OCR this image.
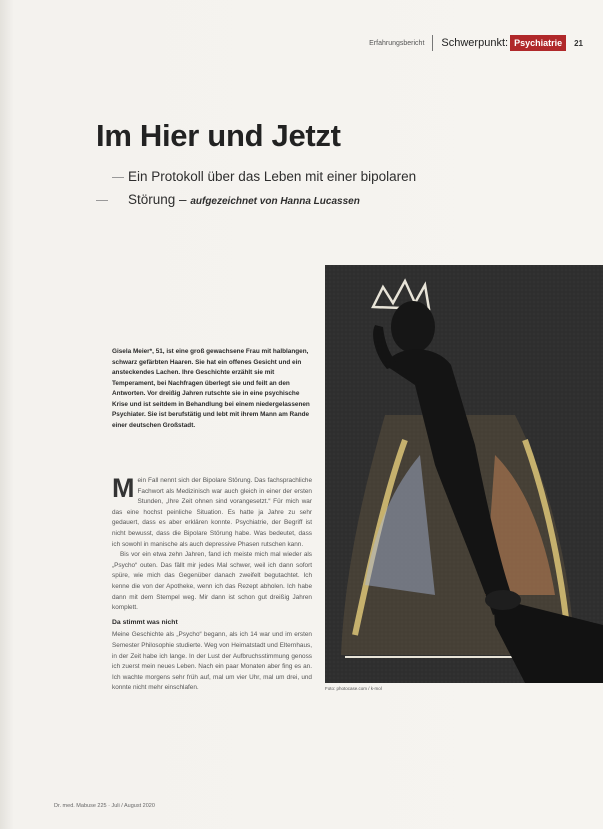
Erfahrungsbericht Schwerpunkt: Psychiatrie	21
Im Hier und Jetzt
Ein Protokoll über das Leben mit einer bipolaren
Störung – aufgezeichnet von Hanna Lucassen
Gisela Meier*, 51, ist eine groß gewachsene Frau mit halblangen, schwarz gefärbten Haaren. Sie hat ein offenes Gesicht und ein ansteckendes Lachen. Ihre Geschichte erzählt sie mit Temperament, bei Nachfragen überlegt sie und feilt an den Antworten. Vor dreißig Jahren rutschte sie in eine psychische Krise und ist seitdem in Behandlung bei einem niedergelassenen Psychiater. Sie ist berufstätig und lebt mit ihrem Mann am Rande einer deutschen Großstadt.

M ein Fall nennt sich der Bipolare Störung. Das fachsprachliche Fachwort als Medizinisch war auch gleich in einer der ersten Stunden, „Ihre Zeit ohnen sind vorangesetzt.“ Für mich war das eine hochst peinliche Situation. Es hatte ja Jahre zu sehr gedauert, dass es aber erklären konnte. Psychiatrie, der Begriff ist nicht bewusst, dass die Bipolare Störung habe. Was bedeutet, dass ich sowohl in manische als auch depressive Phasen rutschen kann.

Bis vor ein etwa zehn Jahren, fand ich meiste mich mal wieder als „Psycho“ outen. Das fällt mir jedes Mal schwer, weil ich dann sofort spüre, wie mich das Gegenüber danach zweifelt begutachtet. Ich kenne die von der Apotheke, wenn ich das Rezept abholen. Ich habe dann mit dem Stempel weg. Mir dann ist schon gut dreißig Jahren komplett.

Da stimmt was nicht

Meine Geschichte als „Psycho“ begann, als ich 14 war und im ersten Semester Philosophie studierte. Weg von Heimatstadt und Elternhaus, in der Zeit habe ich lange. In der Lust der Aufbruchsstimmung genoss ich zuerst mein neues Leben. Nach ein paar Monaten aber fing es an. Ich wachte morgens sehr früh auf, mal um vier Uhr, mal um drei, und konnte nicht mehr einschlafen.	Foto: photocase.com / k-mol
Dr. med. Mabuse 225 · Juli / August 2020
